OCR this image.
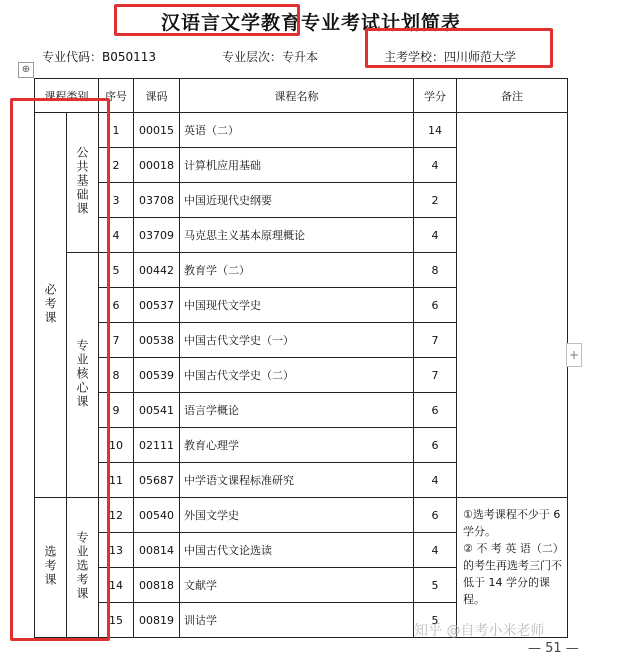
汉语言文学教育专业考试计划简表
专业代码：B050113	专业层次：专升本	主考学校：四川师范大学
⊕
课程类别		序号	课码	课程名称	学分	备注
必考课	公共基础课	1	00015	英语（二）	14	
		2	00018	计算机应用基础	4	
		3	03708	中国近现代史纲要	2	
		4	03709	马克思主义基本原理概论	4	
	专业核心课	5	00442	教育学（二）	8	
		6	00537	中国现代文学史	6	
		7	00538	中国古代文学史（一）	7	
		8	00539	中国古代文学史（二）	7	
		9	00541	语言学概论	6	
		10	02111	教育心理学	6	
		11	05687	中学语文课程标准研究	4	
选考课	专业选考课	12	00540	外国文学史	6	①选考课程不少于 6学分。
② 不 考 英 语（二）的考生再选考三门不低于 14 学分的课程。

		13	00814	中国古代文论选读	4	
		14	00818	文献学	5	
		15	00819	训诂学	5	
+
知乎 @自考小米老师
— 51 —
